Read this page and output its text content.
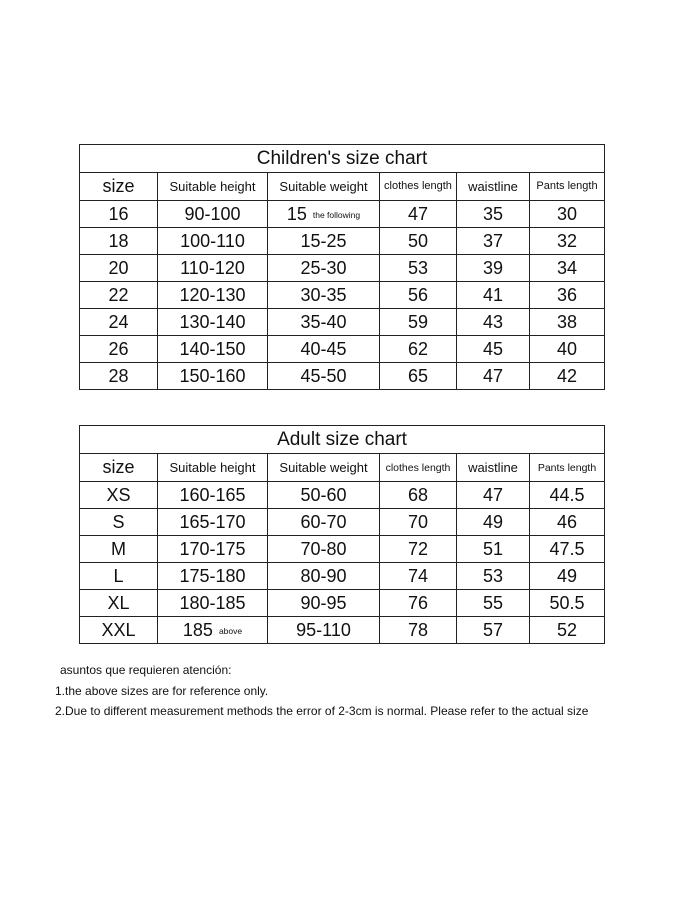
Children's size chart					
size	Suitable height	Suitable weight	clothes length	waistline	Pants length
16	90-100	15 the following	47	35	30
18	100-110	15-25	50	37	32
20	110-120	25-30	53	39	34
22	120-130	30-35	56	41	36
24	130-140	35-40	59	43	38
26	140-150	40-45	62	45	40
28	150-160	45-50	65	47	42
Adult size chart					
size	Suitable height	Suitable weight	clothes length	waistline	Pants length
XS	160-165	50-60	68	47	44.5
S	165-170	60-70	70	49	46
M	170-175	70-80	72	51	47.5
L	175-180	80-90	74	53	49
XL	180-185	90-95	76	55	50.5
XXL	185 above	95-110	78	57	52
asuntos que requieren atención:
1.the above sizes are for reference only.
2.Due to different measurement methods the error of 2-3cm is normal. Please refer to the actual size
